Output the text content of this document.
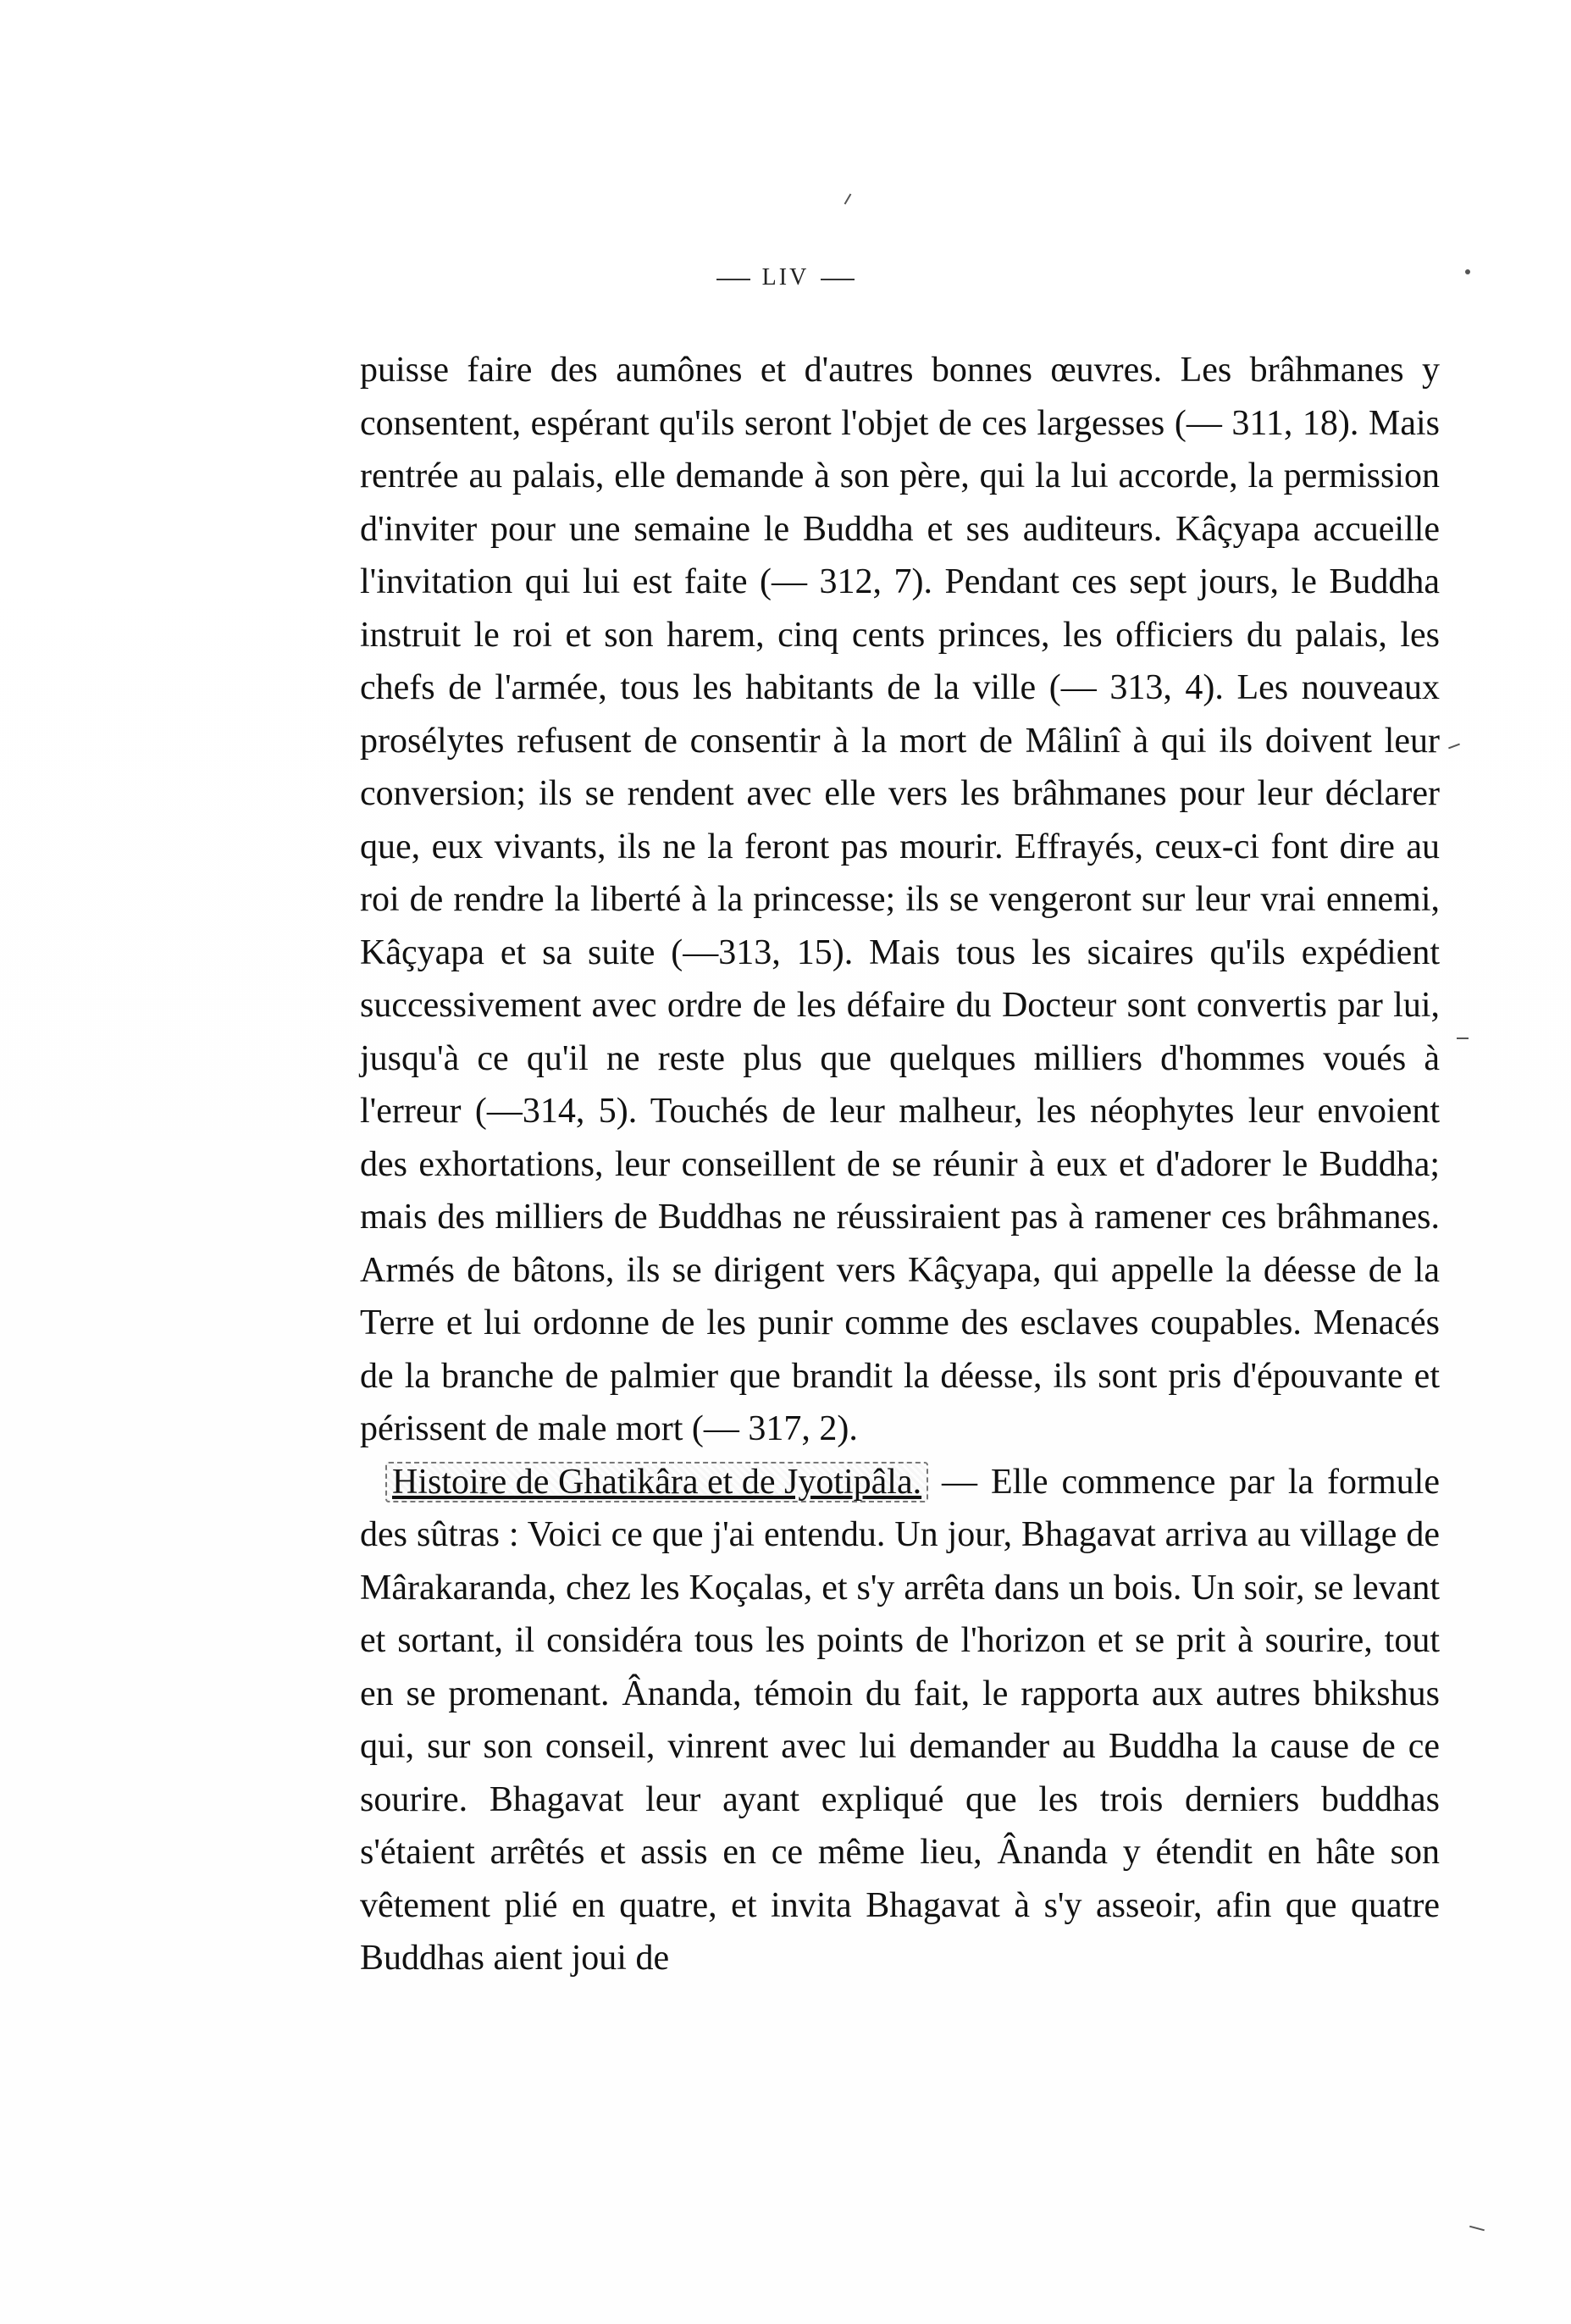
LIV

puisse faire des aumônes et d'autres bonnes œuvres. Les brâhmanes y consentent, espérant qu'ils seront l'objet de ces largesses (— 311, 18). Mais rentrée au palais, elle demande à son père, qui la lui accorde, la permission d'inviter pour une semaine le Buddha et ses auditeurs. Kâçyapa accueille l'invitation qui lui est faite (— 312, 7). Pendant ces sept jours, le Buddha instruit le roi et son harem, cinq cents princes, les officiers du palais, les chefs de l'armée, tous les habitants de la ville (— 313, 4). Les nouveaux prosélytes refusent de consentir à la mort de Mâlinî à qui ils doivent leur conversion; ils se rendent avec elle vers les brâhmanes pour leur déclarer que, eux vivants, ils ne la feront pas mourir. Effrayés, ceux-ci font dire au roi de rendre la liberté à la princesse; ils se vengeront sur leur vrai ennemi, Kâçyapa et sa suite (—313, 15). Mais tous les sicaires qu'ils expédient successivement avec ordre de les défaire du Docteur sont convertis par lui, jusqu'à ce qu'il ne reste plus que quelques milliers d'hommes voués à l'erreur (—314, 5). Touchés de leur malheur, les néophytes leur envoient des exhortations, leur conseillent de se réunir à eux et d'adorer le Buddha; mais des milliers de Buddhas ne réussiraient pas à ramener ces brâhmanes. Armés de bâtons, ils se dirigent vers Kâçyapa, qui appelle la déesse de la Terre et lui ordonne de les punir comme des esclaves coupables. Menacés de la branche de palmier que brandit la déesse, ils sont pris d'épouvante et périssent de male mort (— 317, 2).

Histoire de Ghatikâra et de Jyotipâla. — Elle commence par la formule des sûtras : Voici ce que j'ai entendu. Un jour, Bhagavat arriva au village de Mârakaranda, chez les Koçalas, et s'y arrêta dans un bois. Un soir, se levant et sortant, il considéra tous les points de l'horizon et se prit à sourire, tout en se promenant. Ânanda, témoin du fait, le rapporta aux autres bhikshus qui, sur son conseil, vinrent avec lui demander au Buddha la cause de ce sourire. Bhagavat leur ayant expliqué que les trois derniers buddhas s'étaient arrêtés et assis en ce même lieu, Ânanda y étendit en hâte son vêtement plié en quatre, et invita Bhagavat à s'y asseoir, afin que quatre Buddhas aient joui de
